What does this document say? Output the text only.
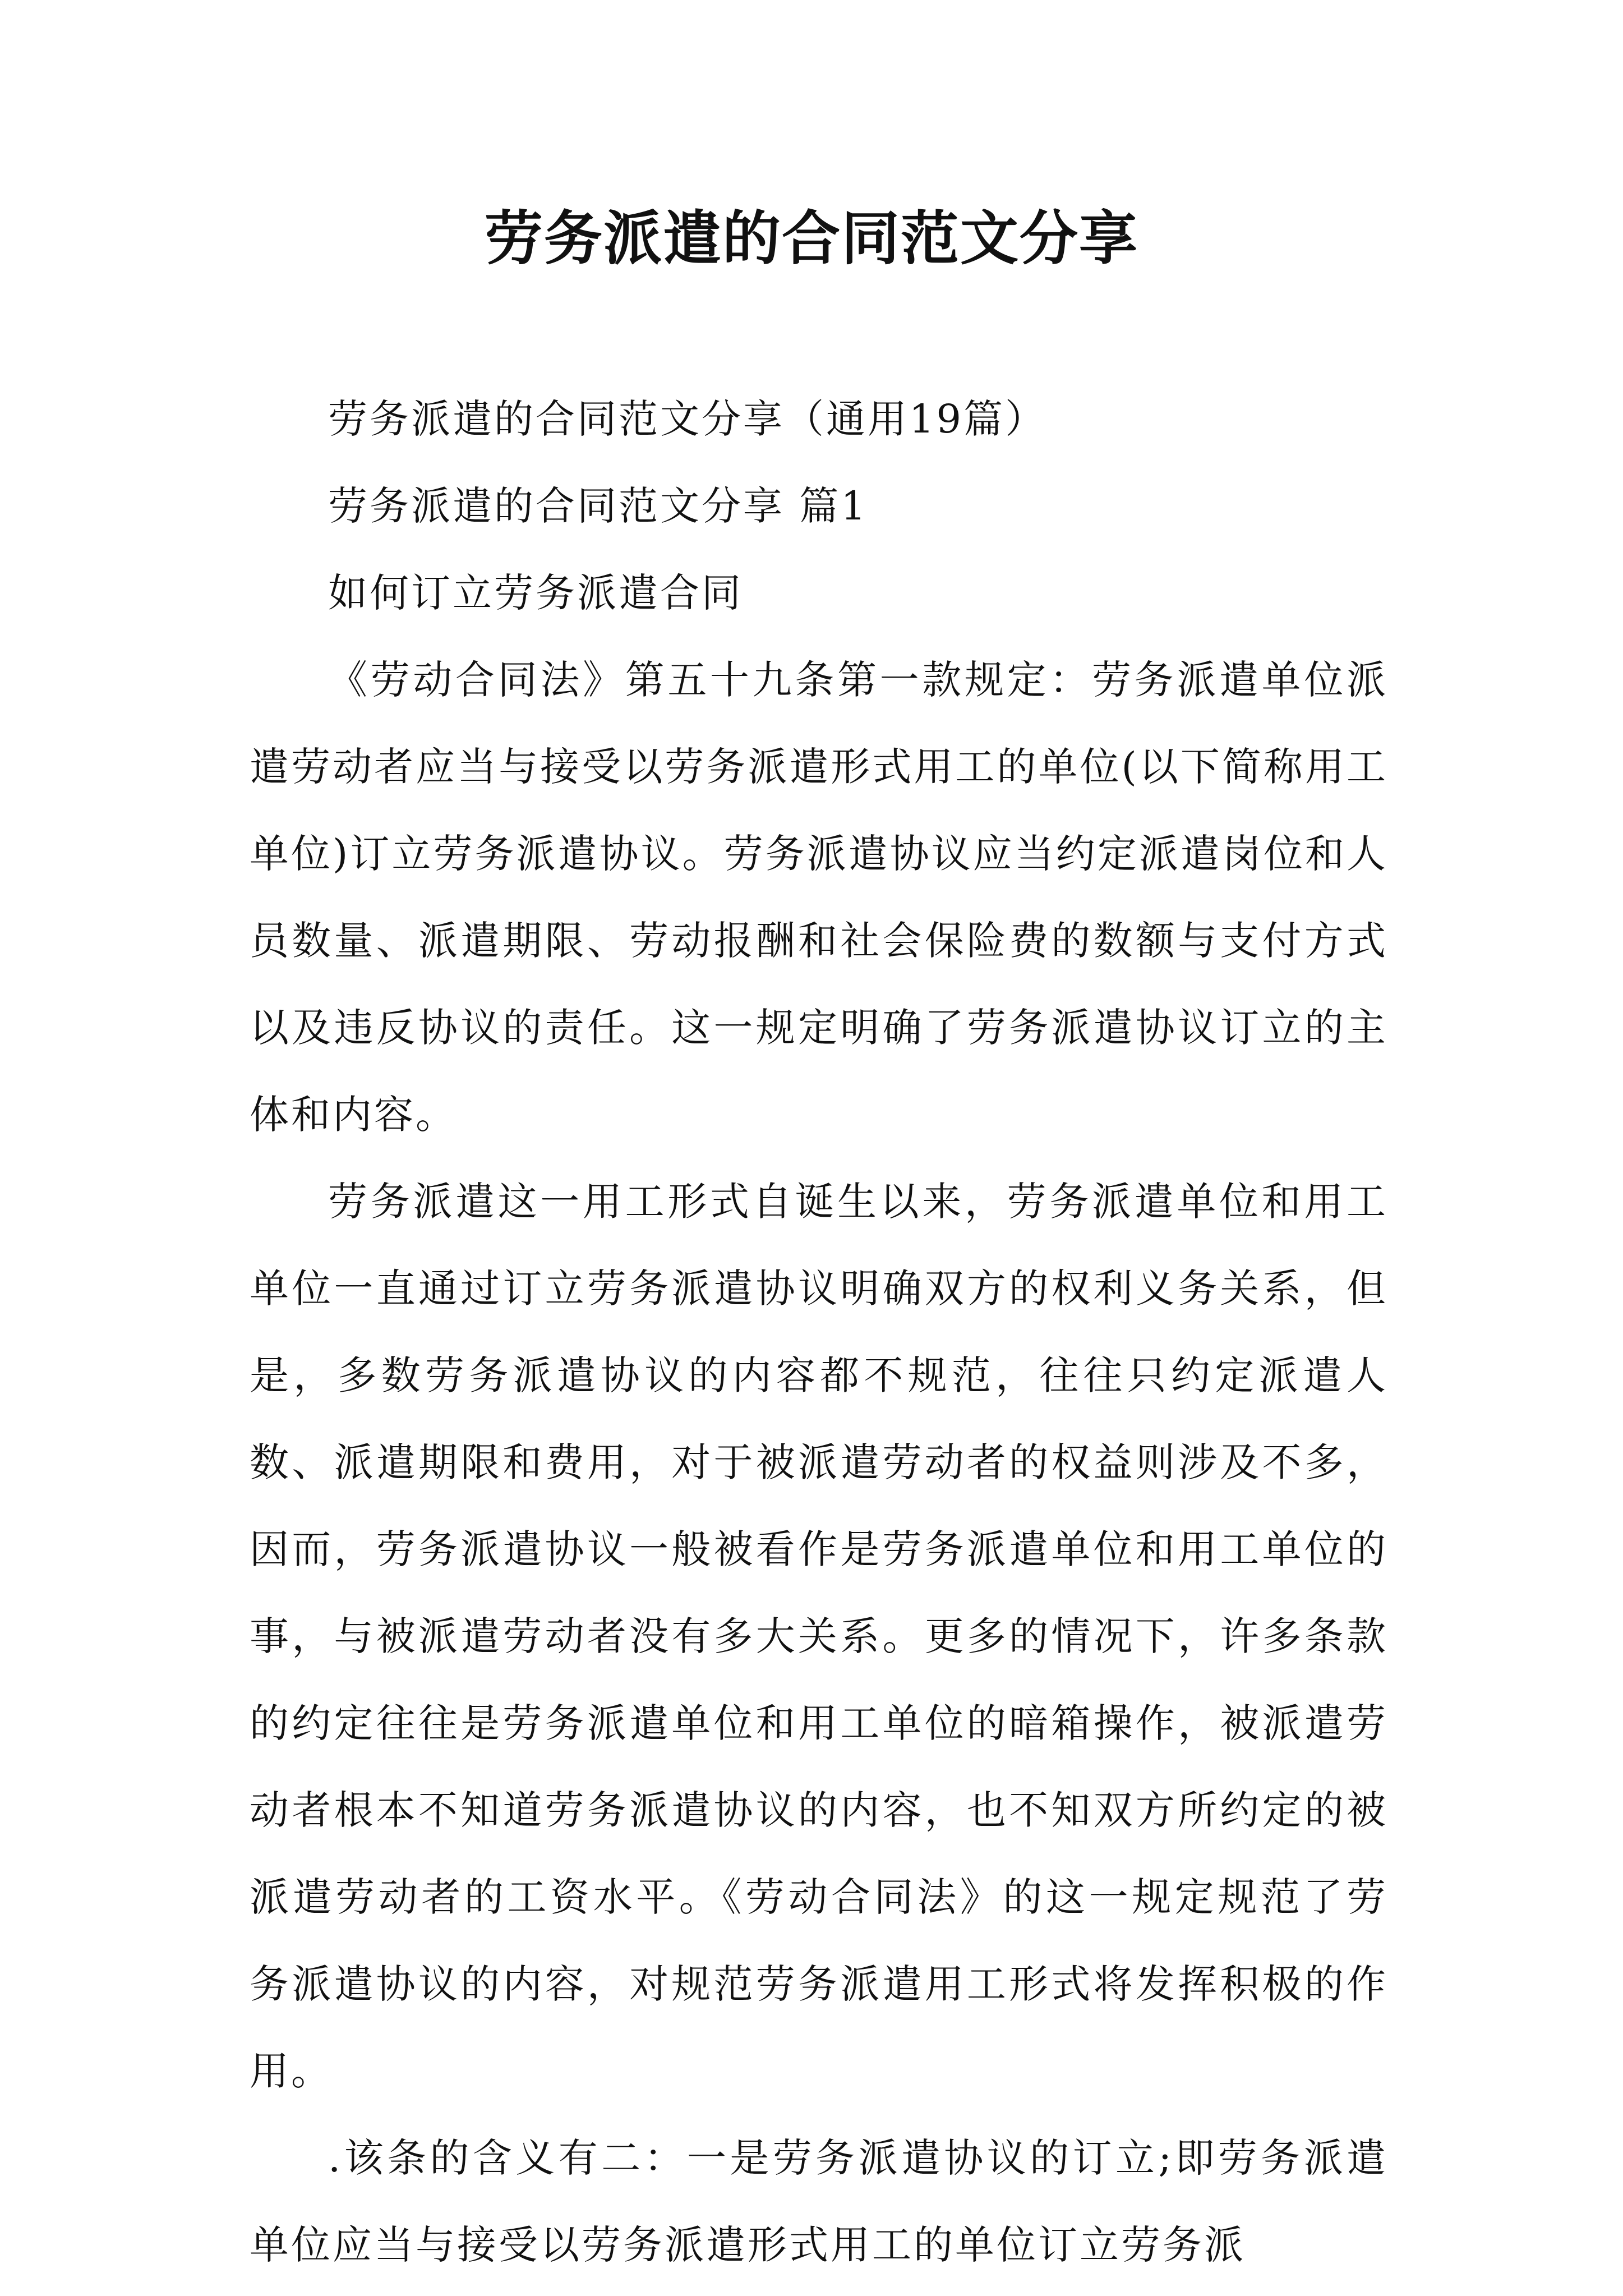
劳务派遣的合同范文分享

劳务派遣的合同范文分享（通用19篇）

劳务派遣的合同范文分享 篇1

如何订立劳务派遣合同

《劳动合同法》第五十九条第一款规定：劳务派遣单位派遣劳动者应当与接受以劳务派遣形式用工的单位(以下简称用工单位)订立劳务派遣协议。劳务派遣协议应当约定派遣岗位和人员数量、派遣期限、劳动报酬和社会保险费的数额与支付方式以及违反协议的责任。这一规定明确了劳务派遣协议订立的主体和内容。

劳务派遣这一用工形式自诞生以来，劳务派遣单位和用工单位一直通过订立劳务派遣协议明确双方的权利义务关系，但是，多数劳务派遣协议的内容都不规范，往往只约定派遣人数、派遣期限和费用，对于被派遣劳动者的权益则涉及不多，因而，劳务派遣协议一般被看作是劳务派遣单位和用工单位的事，与被派遣劳动者没有多大关系。更多的情况下，许多条款的约定往往是劳务派遣单位和用工单位的暗箱操作，被派遣劳动者根本不知道劳务派遣协议的内容，也不知双方所约定的被派遣劳动者的工资水平。《劳动合同法》的这一规定规范了劳务派遣协议的内容，对规范劳务派遣用工形式将发挥积极的作用。

.该条的含义有二：一是劳务派遣协议的订立;即劳务派遣单位应当与接受以劳务派遣形式用工的单位订立劳务派
